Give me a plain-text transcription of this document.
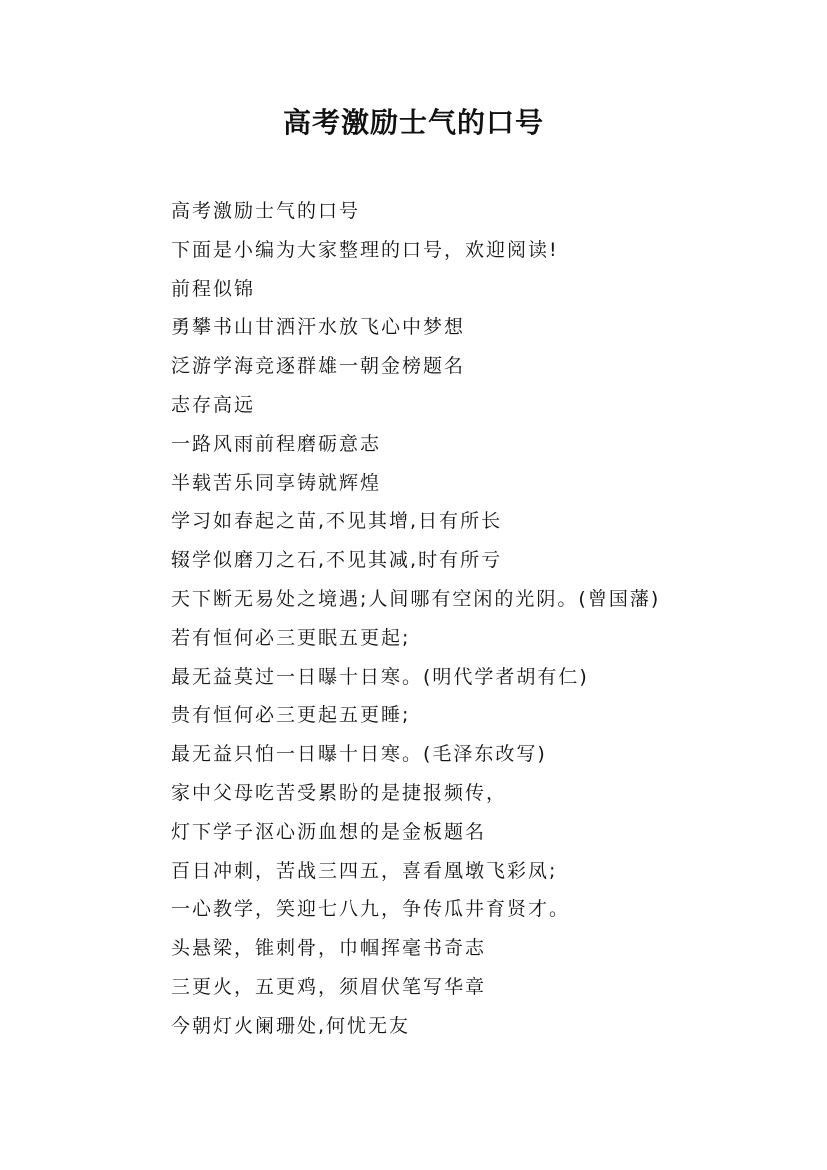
高考激励士气的口号
高考激励士气的口号
下面是小编为大家整理的口号，欢迎阅读!
前程似锦
勇攀书山甘洒汗水放飞心中梦想
泛游学海竞逐群雄一朝金榜题名
志存高远
一路风雨前程磨砺意志
半载苦乐同享铸就辉煌
学习如春起之苗,不见其增,日有所长
辍学似磨刀之石,不见其减,时有所亏
天下断无易处之境遇;人间哪有空闲的光阴。(曾国藩)
若有恒何必三更眠五更起;
最无益莫过一日曝十日寒。(明代学者胡有仁)
贵有恒何必三更起五更睡;
最无益只怕一日曝十日寒。(毛泽东改写)
家中父母吃苦受累盼的是捷报频传，
灯下学子沤心沥血想的是金板题名
百日冲刺，苦战三四五，喜看凰墩飞彩凤;
一心教学，笑迎七八九，争传瓜井育贤才。
头悬梁，锥刺骨，巾帼挥毫书奇志
三更火，五更鸡，须眉伏笔写华章
今朝灯火阑珊处,何忧无友
